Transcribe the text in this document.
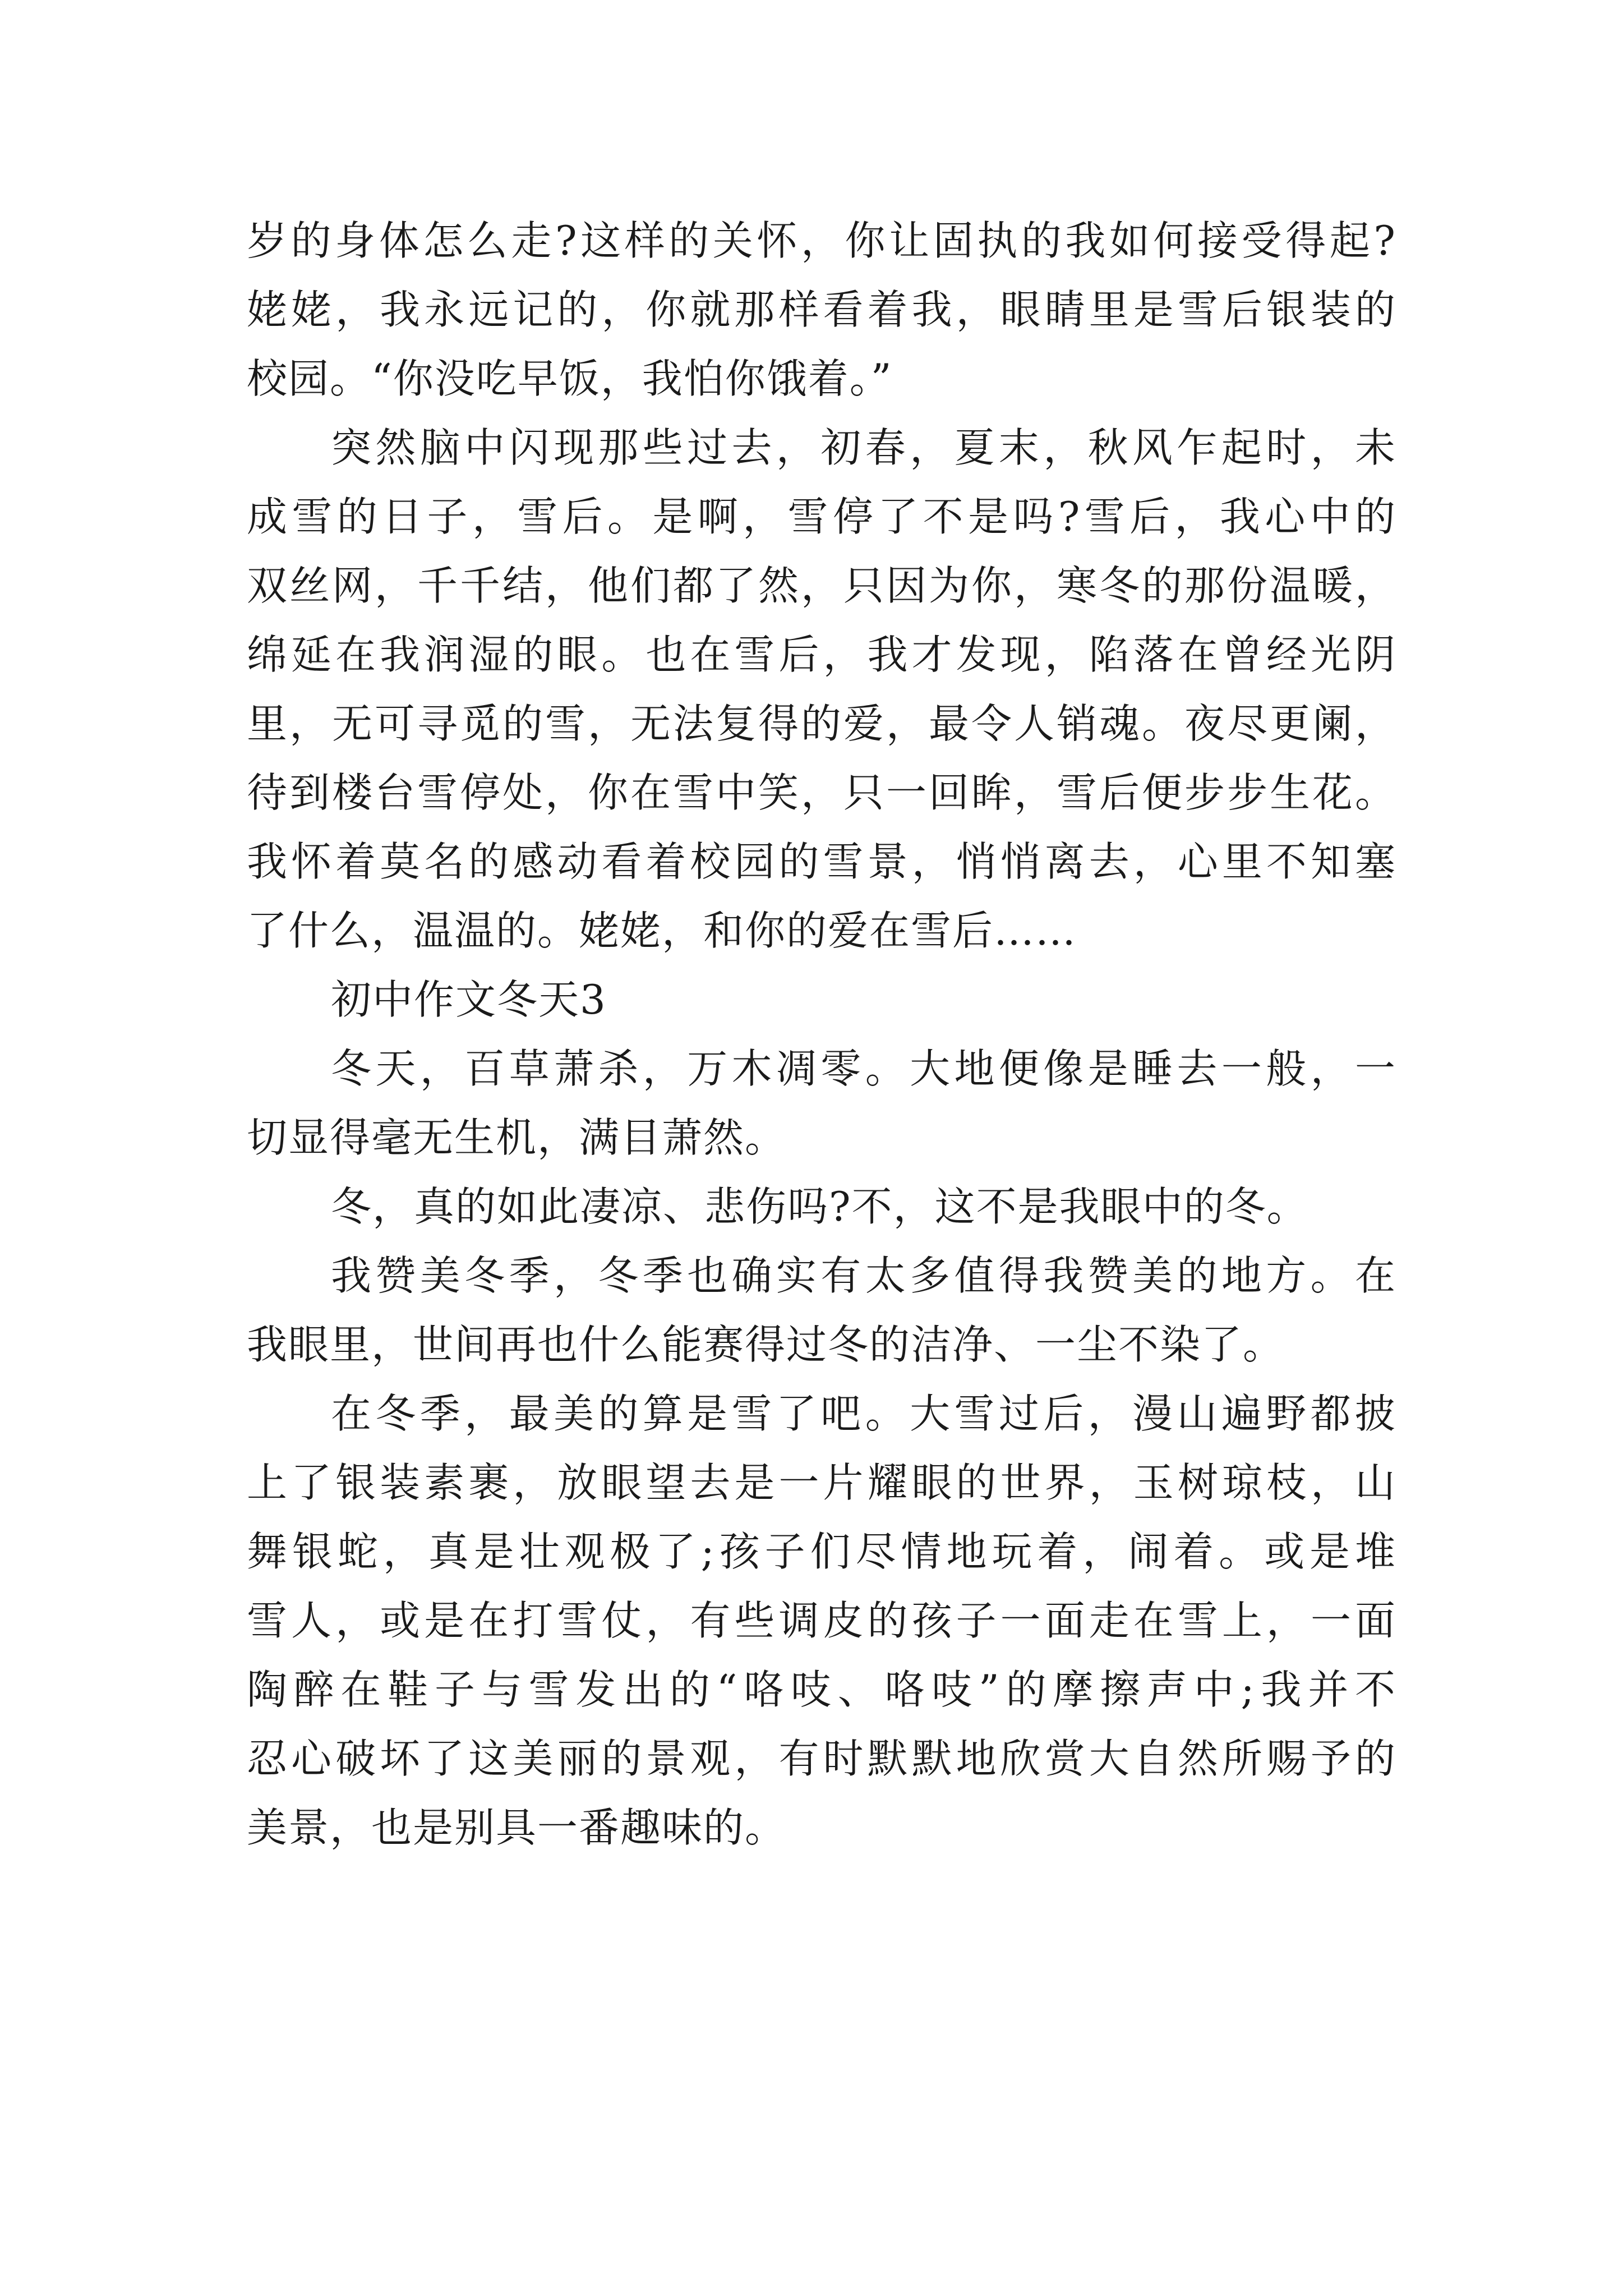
岁的身体怎么走?这样的关怀，你让固执的我如何接受得起?
姥姥，我永远记的，你就那样看着我，眼睛里是雪后银装的
校园。“你没吃早饭，我怕你饿着。”
突然脑中闪现那些过去，初春，夏末，秋风乍起时，未
成雪的日子，雪后。是啊，雪停了不是吗?雪后，我心中的
双丝网，千千结，他们都了然，只因为你，寒冬的那份温暖，
绵延在我润湿的眼。也在雪后，我才发现，陷落在曾经光阴
里，无可寻觅的雪，无法复得的爱，最令人销魂。夜尽更阑，
待到楼台雪停处，你在雪中笑，只一回眸，雪后便步步生花。
我怀着莫名的感动看着校园的雪景，悄悄离去，心里不知塞
了什么，温温的。姥姥，和你的爱在雪后……
初中作文冬天3
冬天，百草萧杀，万木凋零。大地便像是睡去一般，一
切显得毫无生机，满目萧然。
冬，真的如此凄凉、悲伤吗?不，这不是我眼中的冬。
我赞美冬季，冬季也确实有太多值得我赞美的地方。在
我眼里，世间再也什么能赛得过冬的洁净、一尘不染了。
在冬季，最美的算是雪了吧。大雪过后，漫山遍野都披
上了银装素裹，放眼望去是一片耀眼的世界，玉树琼枝，山
舞银蛇，真是壮观极了;孩子们尽情地玩着，闹着。或是堆
雪人，或是在打雪仗，有些调皮的孩子一面走在雪上，一面
陶醉在鞋子与雪发出的“咯吱、咯吱”的摩擦声中;我并不
忍心破坏了这美丽的景观，有时默默地欣赏大自然所赐予的
美景，也是别具一番趣味的。
